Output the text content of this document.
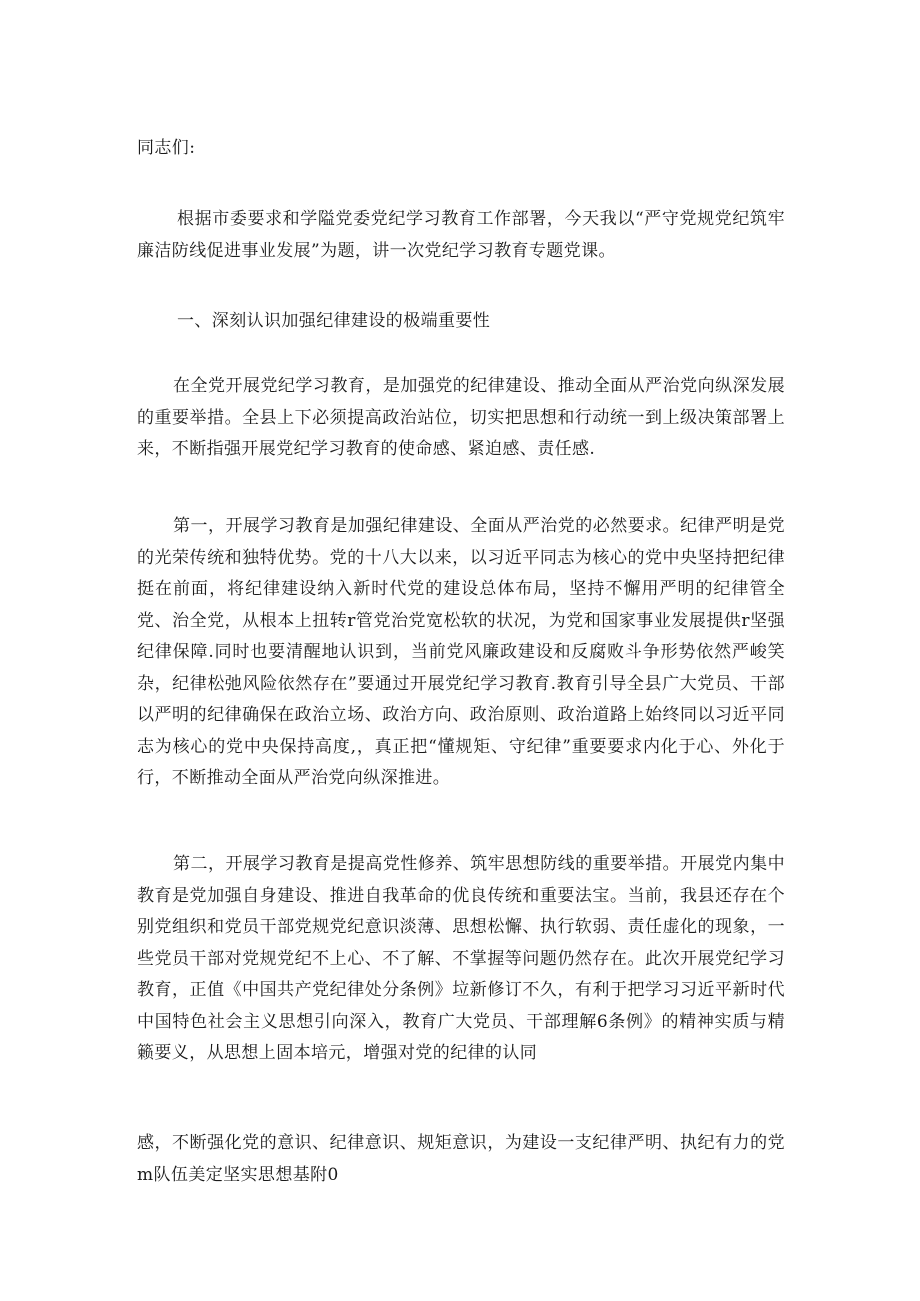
同志们:

根据市委要求和学隘党委党纪学习教育工作部署，今天我以“严守党规党纪筑牢廉洁防线促进事业发展”为题，讲一次党纪学习教育专题党课。

一、深刻认识加强纪律建设的极端重要性

在全党开展党纪学习教育，是加强党的纪律建设、推动全面从严治党向纵深发展的重要举措。全县上下必须提高政治站位，切实把思想和行动统一到上级决策部署上来，不断指强开展党纪学习教育的使命感、紧迫感、责任感.

第一，开展学习教育是加强纪律建设、全面从严治党的必然要求。纪律严明是党的光荣传统和独特优势。党的十八大以来，以习近平同志为核心的党中央坚持把纪律挺在前面，将纪律建设纳入新时代党的建设总体布局，坚持不懈用严明的纪律管全党、治全党，从根本上扭转r管党治党宽松软的状况，为党和国家事业发展提供r坚强纪律保障.同时也要清醒地认识到，当前党风廉政建设和反腐败斗争形势依然严峻笑杂，纪律松弛风险依然存在”要通过开展党纪学习教育.教育引导全县广大党员、干部以严明的纪律确保在政治立场、政治方向、政治原则、政治道路上始终同以习近平同志为核心的党中央保持高度,，真正把“懂规矩、守纪律”重要要求内化于心、外化于行，不断推动全面从严治党向纵深推进。

第二，开展学习教育是提高党性修养、筑牢思想防线的重要举措。开展党内集中教育是党加强自身建设、推进自我革命的优良传统和重要法宝。当前，我县还存在个别党组织和党员干部党规党纪意识淡薄、思想松懈、执行软弱、责任虚化的现象，一些党员干部对党规党纪不上心、不了解、不掌握等问题仍然存在。此次开展党纪学习教育，正值《中国共产党纪律处分条例》垃新修订不久，有利于把学习习近平新时代中国特色社会主义思想引向深入，教育广大党员、干部理解6条例》的精神实质与精籁要义，从思想上固本培元，增强对党的纪律的认同

感，不断强化党的意识、纪律意识、规矩意识，为建设一支纪律严明、执纪有力的党m队伍美定坚实思想基附0
